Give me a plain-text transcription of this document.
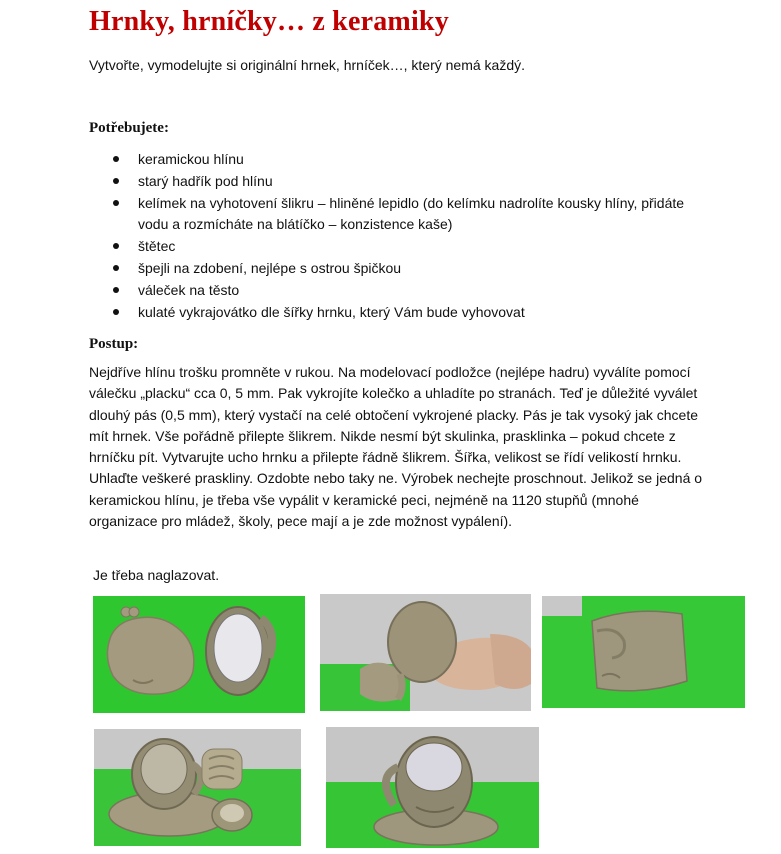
Hrnky, hrníčky… z keramiky

Vytvořte, vymodelujte si originální hrnek, hrníček…, který nemá každý.

Potřebujete:

keramickou hlínu
starý hadřík pod hlínu
kelímek na vyhotovení šlikru – hliněné lepidlo (do kelímku nadrolíte kousky hlíny, přidáte vodu a rozmícháte na blátíčko – konzistence kaše)
štětec
špejli na zdobení, nejlépe s ostrou špičkou
váleček na těsto
kulaté vykrajovátko dle šířky hrnku, který Vám bude vyhovovat

Postup:

Nejdříve hlínu trošku promněte v rukou. Na modelovací podložce (nejlépe hadru) vyválíte pomocí válečku „placku“ cca 0, 5 mm. Pak vykrojíte kolečko a uhladíte po stranách. Teď je důležité vyválet dlouhý pás (0,5 mm), který vystačí na celé obtočení vykrojené placky. Pás je tak vysoký jak chcete mít hrnek. Vše pořádně přilepte šlikrem. Nikde nesmí být skulinka, prasklinka – pokud chcete z hrníčku pít. Vytvarujte ucho hrnku a přilepte řádně šlikrem. Šířka, velikost se řídí velikostí hrnku. Uhlaďte veškeré praskliny. Ozdobte nebo taky ne. Výrobek nechejte proschnout. Jelikož se jedná o keramickou hlínu, je třeba vše vypálit v keramické peci, nejméně na 1120 stupňů (mnohé organizace pro mládež, školy, pece mají a je zde možnost vypálení).

Je třeba naglazovat.
